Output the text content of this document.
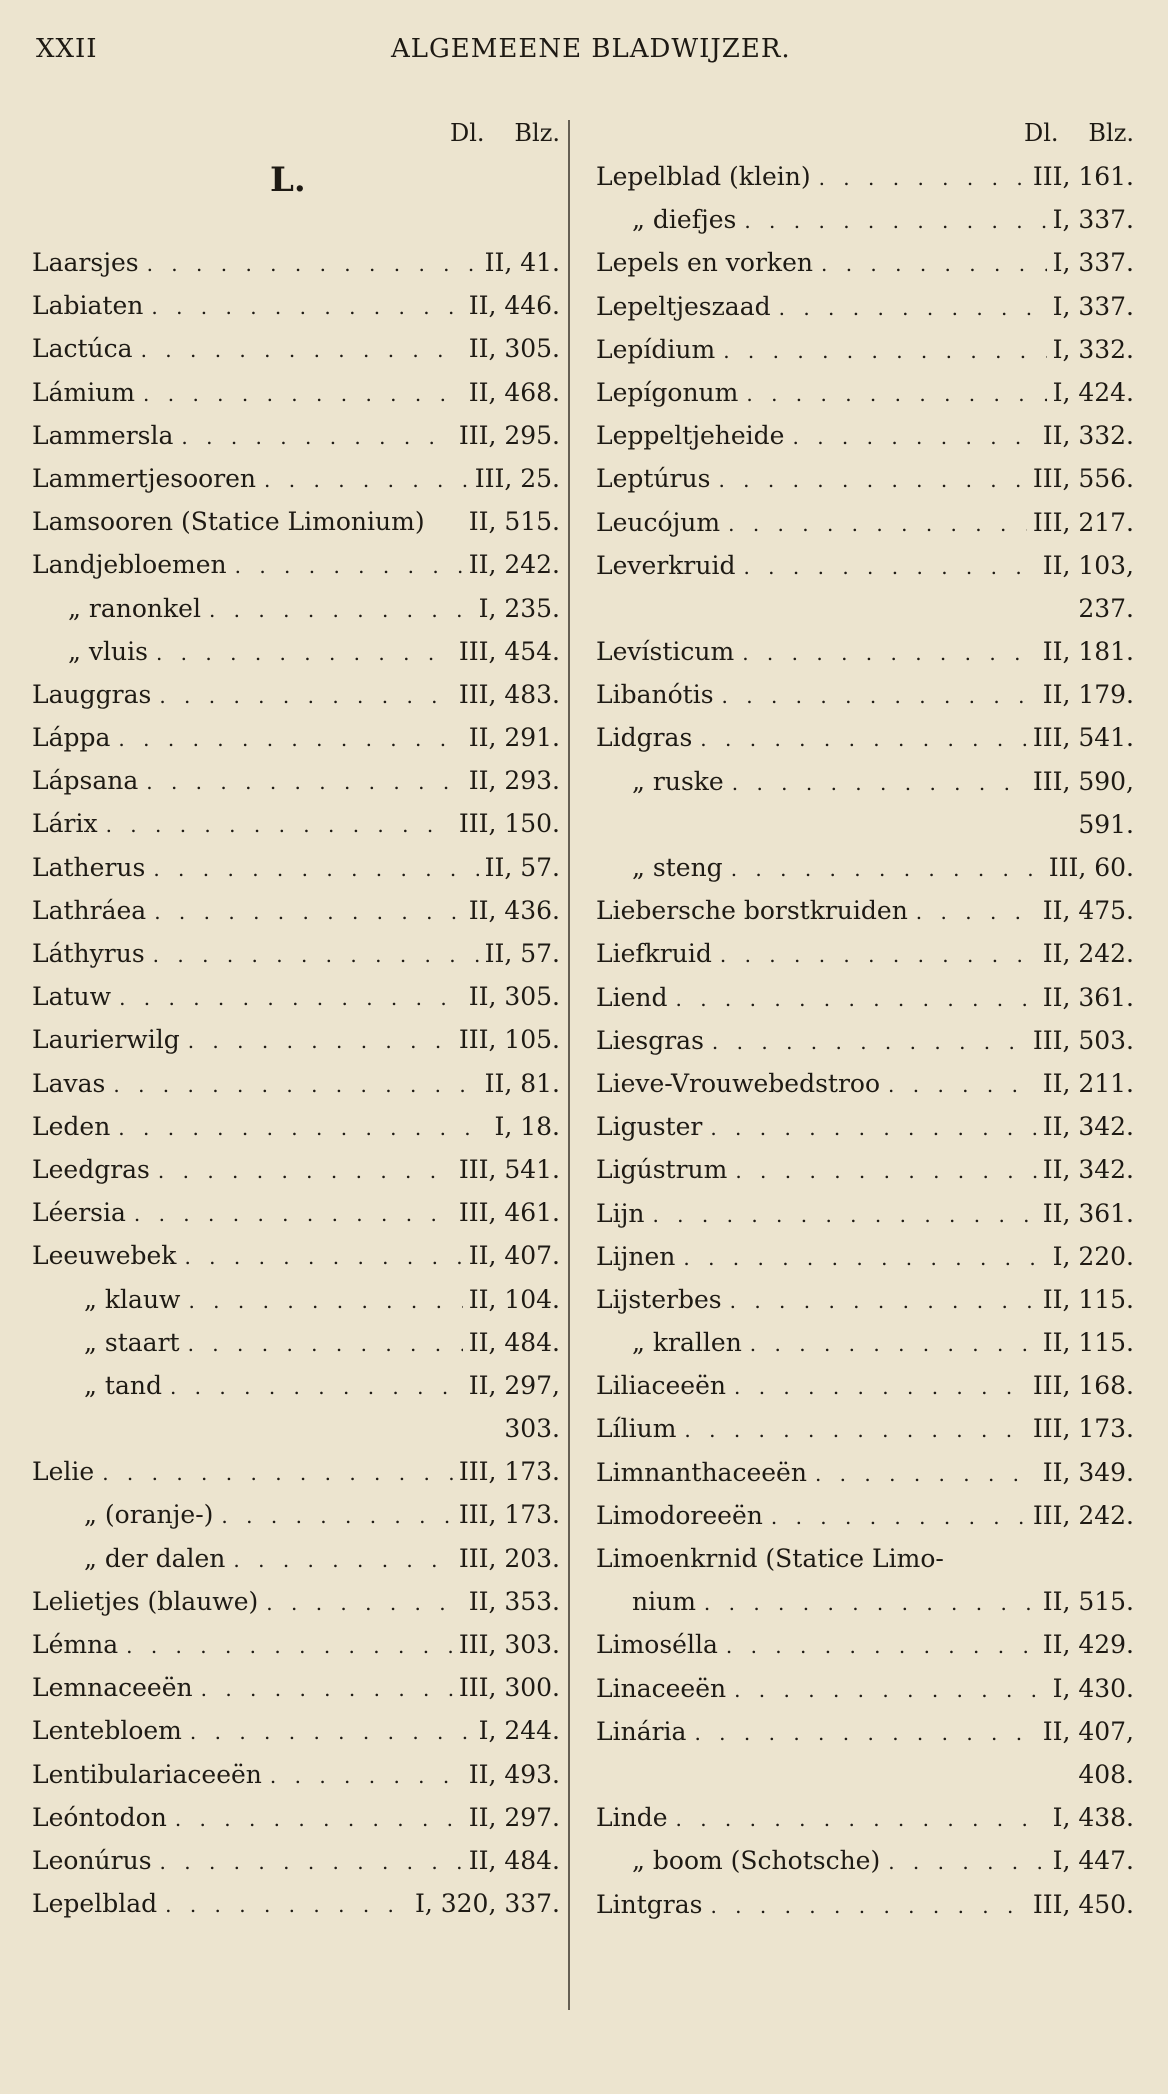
XXII	ALGEMEENE BLADWIJZER.
Dl.	Blz.
L.
Laarsjes . . .	II, 41.
Labiaten . . .	II, 446.
Lactúca . . .	II, 305.
Lámium . . .	II, 468.
Lammersla . . .	III, 295.
Lammertjesooren . . .	III, 25.
Lamsooren (Statice Limonium)	II, 515.
Landjebloemen . . .	II, 242.
„ ranonkel . . .	I, 235.
„ vluis . . .	III, 454.
Lauggras . . .	III, 483.
Láppa . . .	II, 291.
Lápsana . . .	II, 293.
Lárix . . .	III, 150.
Latherus . . .	II, 57.
Lathráea . . .	II, 436.
Láthyrus . . .	II, 57.
Latuw . . .	II, 305.
Laurierwilg . . .	III, 105.
Lavas . . .	II, 81.
Leden . . .	I, 18.
Leedgras . . .	III, 541.
Léersia . . .	III, 461.
Leeuwebek . . .	II, 407.
„ klauw . . .	II, 104.
„ staart . . .	II, 484.
„ tand . . .	II, 297,
303.
Lelie . . .	III, 173.
„ (oranje-) . . .	III, 173.
„ der dalen . . .	III, 203.
Lelietjes (blauwe) . . .	II, 353.
Lémna . . .	III, 303.
Lemnaceeën . . .	III, 300.
Lentebloem . . .	I, 244.
Lentibulariaceeën . . .	II, 493.
Leóntodon . . .	II, 297.
Leonúrus . . .	II, 484.
Lepelblad . . .	I, 320, 337.
Dl.	Blz.
Lepelblad (klein) . . .	III, 161.
„ diefjes . . .	I, 337.
Lepels en vorken . . .	I, 337.
Lepeltjeszaad . . .	I, 337.
Lepídium . . .	I, 332.
Lepígonum . . .	I, 424.
Leppeltjeheide . . .	II, 332.
Leptúrus . . .	III, 556.
Leucójum . . .	III, 217.
Leverkruid . . .	II, 103,
237.
Levísticum . . .	II, 181.
Libanótis . . .	II, 179.
Lidgras . . .	III, 541.
„ ruske . . .	III, 590,
591.
„ steng . . .	III, 60.
Liebersche borstkruiden . . .	II, 475.
Liefkruid . . .	II, 242.
Liend . . .	II, 361.
Liesgras . . .	III, 503.
Lieve-Vrouwebedstroo . . .	II, 211.
Liguster . . .	II, 342.
Ligústrum . . .	II, 342.
Lijn . . .	II, 361.
Lijnen . . .	I, 220.
Lijsterbes . . .	II, 115.
„ krallen . . .	II, 115.
Liliaceeën . . .	III, 168.
Lílium . . .	III, 173.
Limnanthaceeën . . .	II, 349.
Limodoreeën . . .	III, 242.
Limoenkrnid (Statice Limo-
nium . . .	II, 515.
Limosélla . . .	II, 429.
Linaceeën . . .	I, 430.
Linária . . .	II, 407,
408.
Linde . . .	I, 438.
„ boom (Schotsche) . . .	I, 447.
Lintgras . . .	III, 450.
